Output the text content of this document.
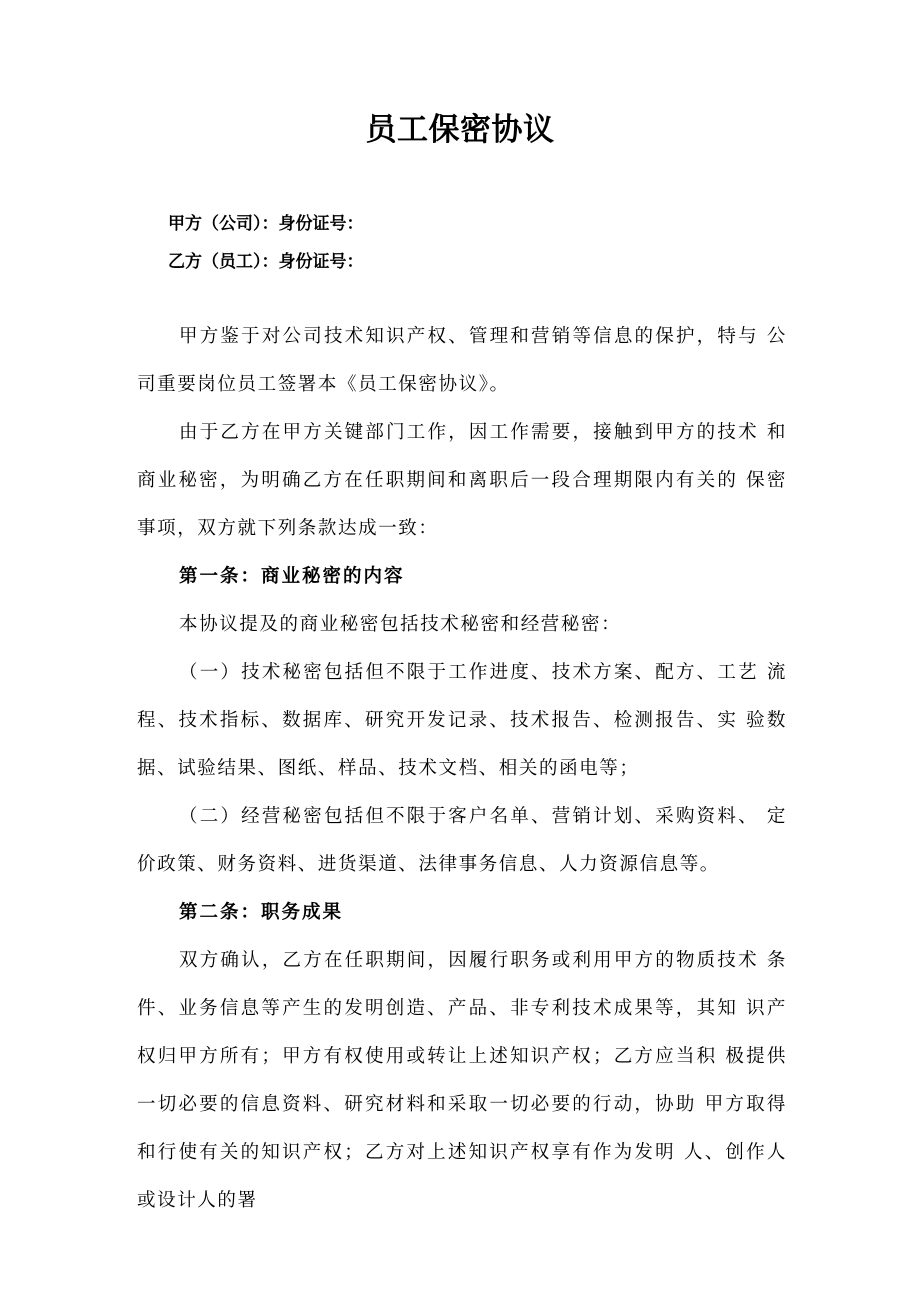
员工保密协议
甲方（公司）：身份证号：
乙方（员工）：身份证号：

甲方鉴于对公司技术知识产权、管理和营销等信息的保护，特与 公司重要岗位员工签署本《员工保密协议》。

由于乙方在甲方关键部门工作，因工作需要，接触到甲方的技术 和商业秘密，为明确乙方在任职期间和离职后一段合理期限内有关的 保密事项，双方就下列条款达成一致：

第一条：商业秘密的内容

本协议提及的商业秘密包括技术秘密和经营秘密：

（一）技术秘密包括但不限于工作进度、技术方案、配方、工艺 流程、技术指标、数据库、研究开发记录、技术报告、检测报告、实 验数据、试验结果、图纸、样品、技术文档、相关的函电等；

（二）经营秘密包括但不限于客户名单、营销计划、采购资料、 定价政策、财务资料、进货渠道、法律事务信息、人力资源信息等。

第二条：职务成果

双方确认，乙方在任职期间，因履行职务或利用甲方的物质技术 条件、业务信息等产生的发明创造、产品、非专利技术成果等，其知 识产权归甲方所有；甲方有权使用或转让上述知识产权；乙方应当积 极提供一切必要的信息资料、研究材料和采取一切必要的行动，协助 甲方取得和行使有关的知识产权；乙方对上述知识产权享有作为发明 人、创作人或设计人的署
